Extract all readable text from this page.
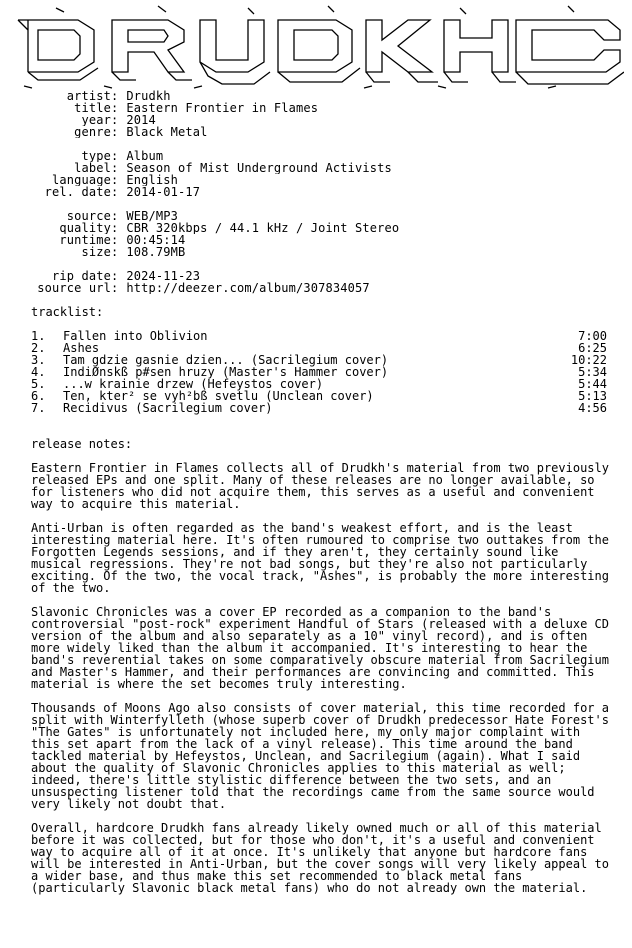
artist: Drudkh
title: Eastern Frontier in Flames
year: 2014
genre: Black Metal
type: Album
label: Season of Mist Underground Activists
language: English
rel. date: 2014-01-17
source: WEB/MP3
quality: CBR 320kbps / 44.1 kHz / Joint Stereo
runtime: 00:45:14
size: 108.79MB
rip date: 2024-11-23
source url: http://deezer.com/album/307834057
tracklist:
1. Fallen into Oblivion	7:00
2. Ashes	6:25
3. Tam gdzie gasnie dzien... (Sacrilegium cover)	10:22
4. IndiØnskß p#sen hruzy (Master's Hammer cover)	5:34
5. ...w krainie drzew (Hefeystos cover)	5:44
6. Ten, kter² se vyh²bß svetlu (Unclean cover)	5:13
7. Recidivus (Sacrilegium cover)	4:56
release notes:

Eastern Frontier in Flames collects all of Drudkh's material from two previously released EPs and one split. Many of these releases are no longer available, so for listeners who did not acquire them, this serves as a useful and convenient way to acquire this material.

Anti-Urban is often regarded as the band's weakest effort, and is the least interesting material here. It's often rumoured to comprise two outtakes from the Forgotten Legends sessions, and if they aren't, they certainly sound like musical regressions. They're not bad songs, but they're also not particularly exciting. Of the two, the vocal track, "Ashes", is probably the more interesting of the two.

Slavonic Chronicles was a cover EP recorded as a companion to the band's controversial "post-rock" experiment Handful of Stars (released with a deluxe CD version of the album and also separately as a 10" vinyl record), and is often more widely liked than the album it accompanied. It's interesting to hear the band's reverential takes on some comparatively obscure material from Sacrilegium and Master's Hammer, and their performances are convincing and committed. This material is where the set becomes truly interesting.

Thousands of Moons Ago also consists of cover material, this time recorded for a split with Winterfylleth (whose superb cover of Drudkh predecessor Hate Forest's "The Gates" is unfortunately not included here, my only major complaint with this set apart from the lack of a vinyl release). This time around the band tackled material by Hefeystos, Unclean, and Sacrilegium (again). What I said about the quality of Slavonic Chronicles applies to this material as well; indeed, there's little stylistic difference between the two sets, and an unsuspecting listener told that the recordings came from the same source would very likely not doubt that.

Overall, hardcore Drudkh fans already likely owned much or all of this material before it was collected, but for those who don't, it's a useful and convenient way to acquire all of it at once. It's unlikely that anyone but hardcore fans will be interested in Anti-Urban, but the cover songs will very likely appeal to a wider base, and thus make this set recommended to black metal fans (particularly Slavonic black metal fans) who do not already own the material.
